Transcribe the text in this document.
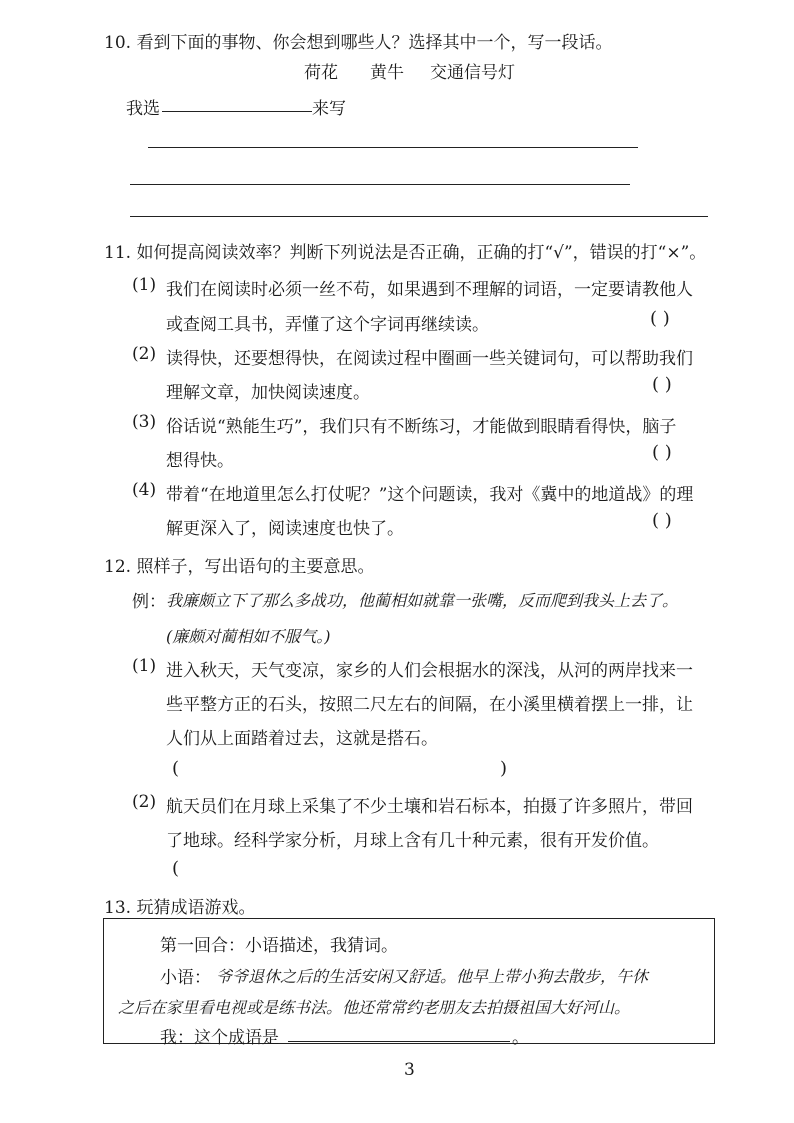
10. 看到下面的事物、你会想到哪些人？选择其中一个，写一段话。
荷花 黄牛 交通信号灯
我选	来写
11. 如何提高阅读效率？判断下列说法是否正确，正确的打“√”，错误的打“×”。
(1) 我们在阅读时必须一丝不苟，如果遇到不理解的词语，一定要请教他人
或查阅工具书，弄懂了这个字词再继续读。	( )
(2) 读得快，还要想得快，在阅读过程中圈画一些关键词句，可以帮助我们
理解文章，加快阅读速度。	( )
(3) 俗话说“熟能生巧”，我们只有不断练习，才能做到眼睛看得快，脑子
想得快。	( )
(4) 带着“在地道里怎么打仗呢？”这个问题读，我对《冀中的地道战》的理
解更深入了，阅读速度也快了。	( )
12. 照样子，写出语句的主要意思。
例： 我廉颇立下了那么多战功，他蔺相如就靠一张嘴，反而爬到我头上去了。
(廉颇对蔺相如不服气。)
(1) 进入秋天，天气变凉，家乡的人们会根据水的深浅，从河的两岸找来一
些平整方正的石头，按照二尺左右的间隔，在小溪里横着摆上一排，让
人们从上面踏着过去，这就是搭石。
(	)
(2) 航天员们在月球上采集了不少土壤和岩石标本，拍摄了许多照片，带回
了地球。经科学家分析，月球上含有几十种元素，很有开发价值。
(
13. 玩猜成语游戏。
第一回合：小语描述，我猜词。
小语： 爷爷退休之后的生活安闲又舒适。他早上带小狗去散步，午休
之后在家里看电视或是练书法。他还常常约老朋友去拍摄祖国大好河山。
我：这个成语是	。
3
